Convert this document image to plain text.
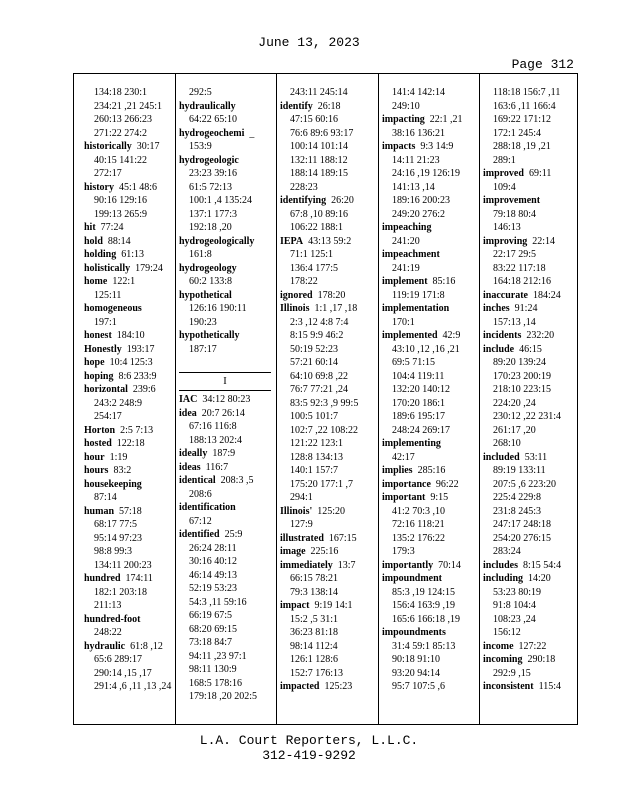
June 13, 2023
Page 312
134:18 230:1
234:21 ,21 245:1
260:13 266:23
271:22 274:2
historically 30:17
40:15 141:22
272:17
history 45:1 48:6
90:16 129:16
199:13 265:9
hit 77:24
hold 88:14
holding 61:13
holistically 179:24
home 122:1
125:11
homogeneous
197:1
honest 184:10
Honestly 193:17
hope 10:4 125:3
hoping 8:6 233:9
horizontal 239:6
243:2 248:9
254:17
Horton 2:5 7:13
hosted 122:18
hour 1:19
hours 83:2
housekeeping
87:14
human 57:18
68:17 77:5
95:14 97:23
98:8 99:3
134:11 200:23
hundred 174:11
182:1 203:18
211:13
hundred-foot
248:22
hydraulic 61:8 ,12
65:6 289:17
290:14 ,15 ,17
291:4 ,6 ,11 ,13 ,24
292:5
hydraulically
64:22 65:10
hydrogeochemi _
153:9
hydrogeologic
23:23 39:16
61:5 72:13
100:1 ,4 135:24
137:1 177:3
192:18 ,20
hydrogeologically
161:8
hydrogeology
60:2 133:8
hypothetical
126:16 190:11
190:23
hypothetically
187:17
I
IAC 34:12 80:23
idea 20:7 26:14
67:16 116:8
188:13 202:4
ideally 187:9
ideas 116:7
identical 208:3 ,5
208:6
identification
67:12
identified 25:9
26:24 28:11
30:16 40:12
46:14 49:13
52:19 53:23
54:3 ,11 59:16
66:19 67:5
68:20 69:15
73:18 84:7
94:11 ,23 97:1
98:11 130:9
168:5 178:16
179:18 ,20 202:5
243:11 245:14
identify 26:18
47:15 60:16
76:6 89:6 93:17
100:14 101:14
132:11 188:12
188:14 189:15
228:23
identifying 26:20
67:8 ,10 89:16
106:22 188:1
IEPA 43:13 59:2
71:1 125:1
136:4 177:5
178:22
ignored 178:20
Illinois 1:1 ,17 ,18
2:3 ,12 4:8 7:4
8:15 9:9 46:2
50:19 52:23
57:21 60:14
64:10 69:8 ,22
76:7 77:21 ,24
83:5 92:3 ,9 99:5
100:5 101:7
102:7 ,22 108:22
121:22 123:1
128:8 134:13
140:1 157:7
175:20 177:1 ,7
294:1
Illinois' 125:20
127:9
illustrated 167:15
image 225:16
immediately 13:7
66:15 78:21
79:3 138:14
impact 9:19 14:1
15:2 ,5 31:1
36:23 81:18
98:14 112:4
126:1 128:6
152:7 176:13
impacted 125:23
141:4 142:14
249:10
impacting 22:1 ,21
38:16 136:21
impacts 9:3 14:9
14:11 21:23
24:16 ,19 126:19
141:13 ,14
189:16 200:23
249:20 276:2
impeaching
241:20
impeachment
241:19
implement 85:16
119:19 171:8
implementation
170:1
implemented 42:9
43:10 ,12 ,16 ,21
69:5 71:15
104:4 119:11
132:20 140:12
170:20 186:1
189:6 195:17
248:24 269:17
implementing
42:17
implies 285:16
importance 96:22
important 9:15
41:2 70:3 ,10
72:16 118:21
135:2 176:22
179:3
importantly 70:14
impoundment
85:3 ,19 124:15
156:4 163:9 ,19
165:6 166:18 ,19
impoundments
31:4 59:1 85:13
90:18 91:10
93:20 94:14
95:7 107:5 ,6
118:18 156:7 ,11
163:6 ,11 166:4
169:22 171:12
172:1 245:4
288:18 ,19 ,21
289:1
improved 69:11
109:4
improvement
79:18 80:4
146:13
improving 22:14
22:17 29:5
83:22 117:18
164:18 212:16
inaccurate 184:24
inches 91:24
157:13 ,14
incidents 232:20
include 46:15
89:20 139:24
170:23 200:19
218:10 223:15
224:20 ,24
230:12 ,22 231:4
261:17 ,20
268:10
included 53:11
89:19 133:11
207:5 ,6 223:20
225:4 229:8
231:8 245:3
247:17 248:18
254:20 276:15
283:24
includes 8:15 54:4
including 14:20
53:23 80:19
91:8 104:4
108:23 ,24
156:12
income 127:22
incoming 290:18
292:9 ,15
inconsistent 115:4
L.A. Court Reporters, L.L.C.
312-419-9292
